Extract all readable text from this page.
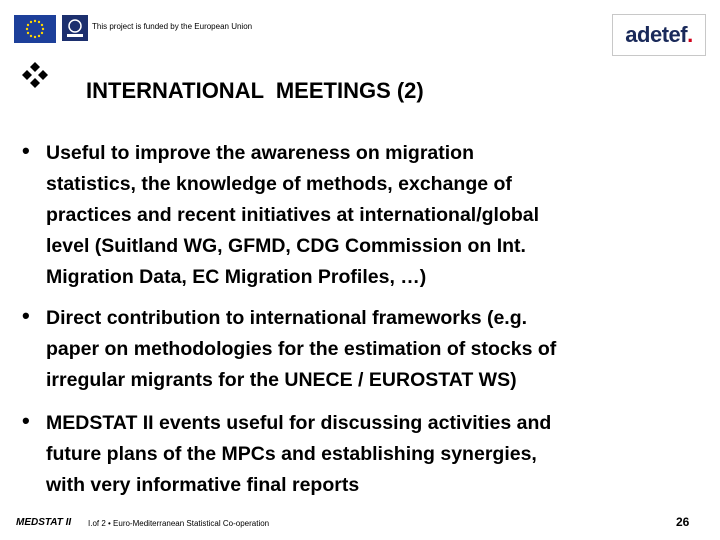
This project is funded by the European Union	adetef .
INTERNATIONAL  MEETINGS (2)
• Useful to improve the awareness on migration
statistics, the knowledge of methods, exchange of
practices and recent initiatives at international/global
level (Suitland WG, GFMD, CDG Commission on Int.
Migration Data, EC Migration Profiles, …)
• Direct contribution to international frameworks (e.g.
paper on methodologies for the estimation of stocks of
irregular migrants for the UNECE / EUROSTAT WS)
• MEDSTAT II events useful for discussing activities and
future plans of the MPCs and establishing synergies,
with very informative final reports
MEDSTAT II I.of 2 • Euro-Mediterranean Statistical Co-operation	26
